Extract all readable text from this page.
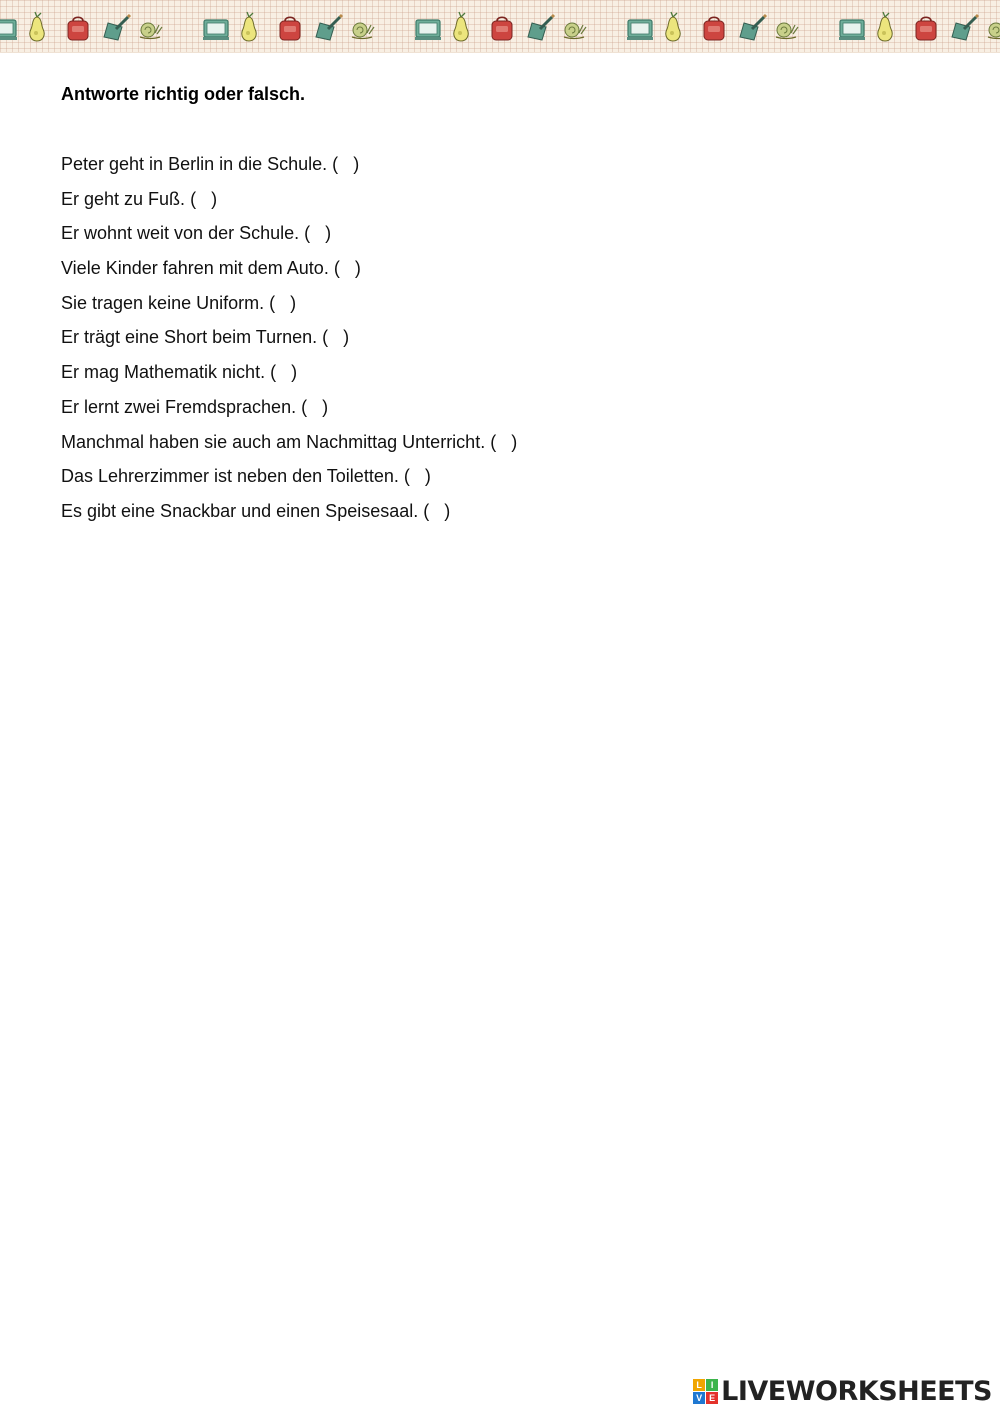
Antworte richtig oder falsch.
Peter geht in Berlin in die Schule. ( )
Er geht zu Fuß. ( )
Er wohnt weit von der Schule. ( )
Viele Kinder fahren mit dem Auto. ( )
Sie tragen keine Uniform. ( )
Er trägt eine Short beim Turnen. ( )
Er mag Mathematik nicht. ( )
Er lernt zwei Fremdsprachen. ( )
Manchmal haben sie auch am Nachmittag Unterricht. ( )
Das Lehrerzimmer ist neben den Toiletten. ( )
Es gibt eine Snackbar und einen Speisesaal. ( )
L I
V E LIVEWORKSHEETS
